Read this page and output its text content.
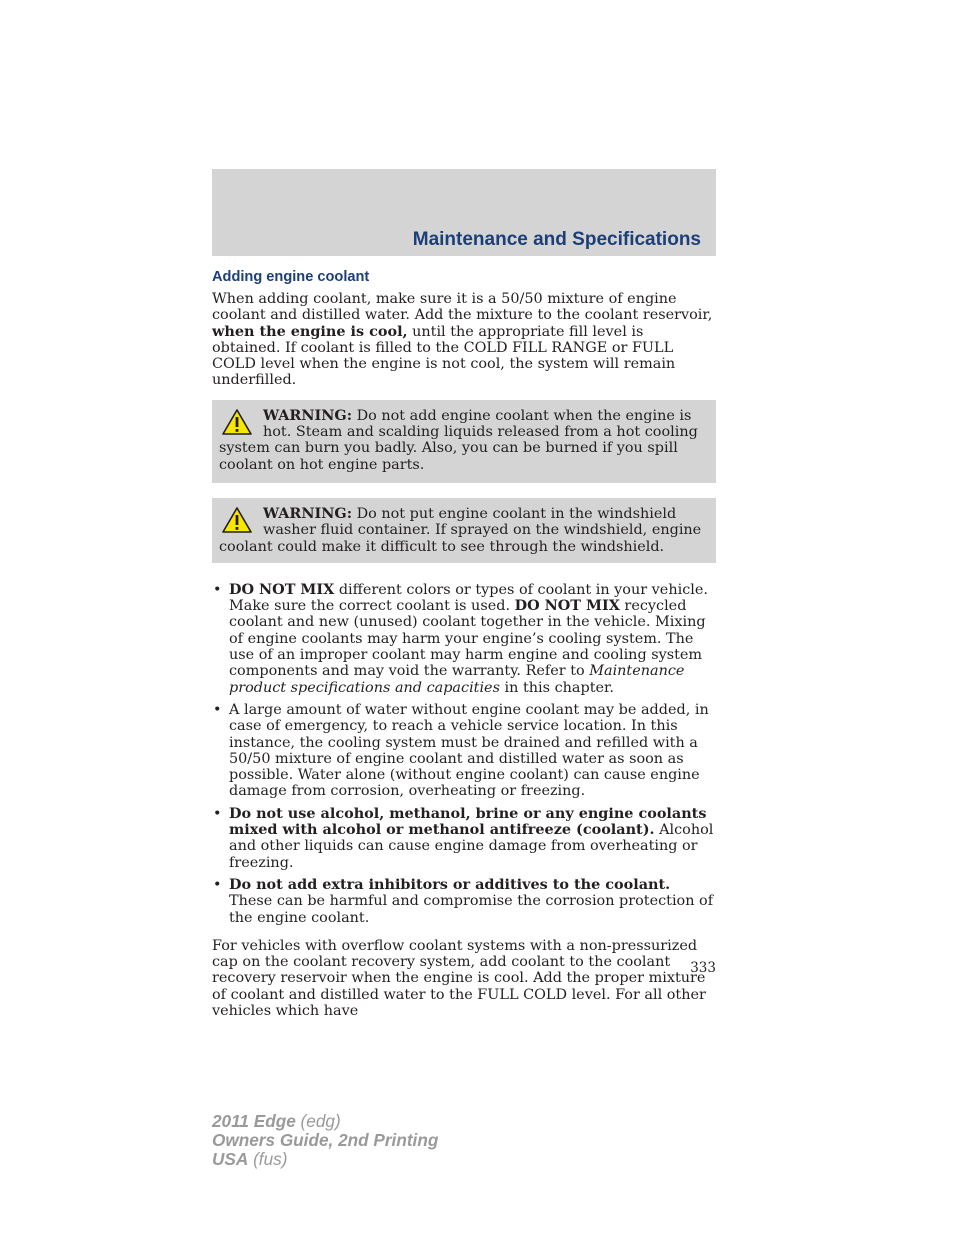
Maintenance and Specifications
Adding engine coolant

When adding coolant, make sure it is a 50/50 mixture of engine coolant and distilled water. Add the mixture to the coolant reservoir, when the engine is cool, until the appropriate fill level is obtained. If coolant is filled to the COLD FILL RANGE or FULL COLD level when the engine is not cool, the system will remain underfilled.

WARNING: Do not add engine coolant when the engine is hot. Steam and scalding liquids released from a hot cooling system can burn you badly. Also, you can be burned if you spill coolant on hot engine parts.
WARNING: Do not put engine coolant in the windshield washer fluid container. If sprayed on the windshield, engine coolant could make it difficult to see through the windshield.
• DO NOT MIX different colors or types of coolant in your vehicle. Make sure the correct coolant is used. DO NOT MIX recycled coolant and new (unused) coolant together in the vehicle. Mixing of engine coolants may harm your engine’s cooling system. The use of an improper coolant may harm engine and cooling system components and may void the warranty. Refer to Maintenance product specifications and capacities in this chapter.
• A large amount of water without engine coolant may be added, in case of emergency, to reach a vehicle service location. In this instance, the cooling system must be drained and refilled with a 50/50 mixture of engine coolant and distilled water as soon as possible. Water alone (without engine coolant) can cause engine damage from corrosion, overheating or freezing.
• Do not use alcohol, methanol, brine or any engine coolants mixed with alcohol or methanol antifreeze (coolant). Alcohol and other liquids can cause engine damage from overheating or freezing.
• Do not add extra inhibitors or additives to the coolant. These can be harmful and compromise the corrosion protection of the engine coolant.

For vehicles with overflow coolant systems with a non-pressurized cap on the coolant recovery system, add coolant to the coolant recovery reservoir when the engine is cool. Add the proper mixture of coolant and distilled water to the FULL COLD level. For all other vehicles which have

333
2011 Edge (edg)
Owners Guide, 2nd Printing
USA (fus)
